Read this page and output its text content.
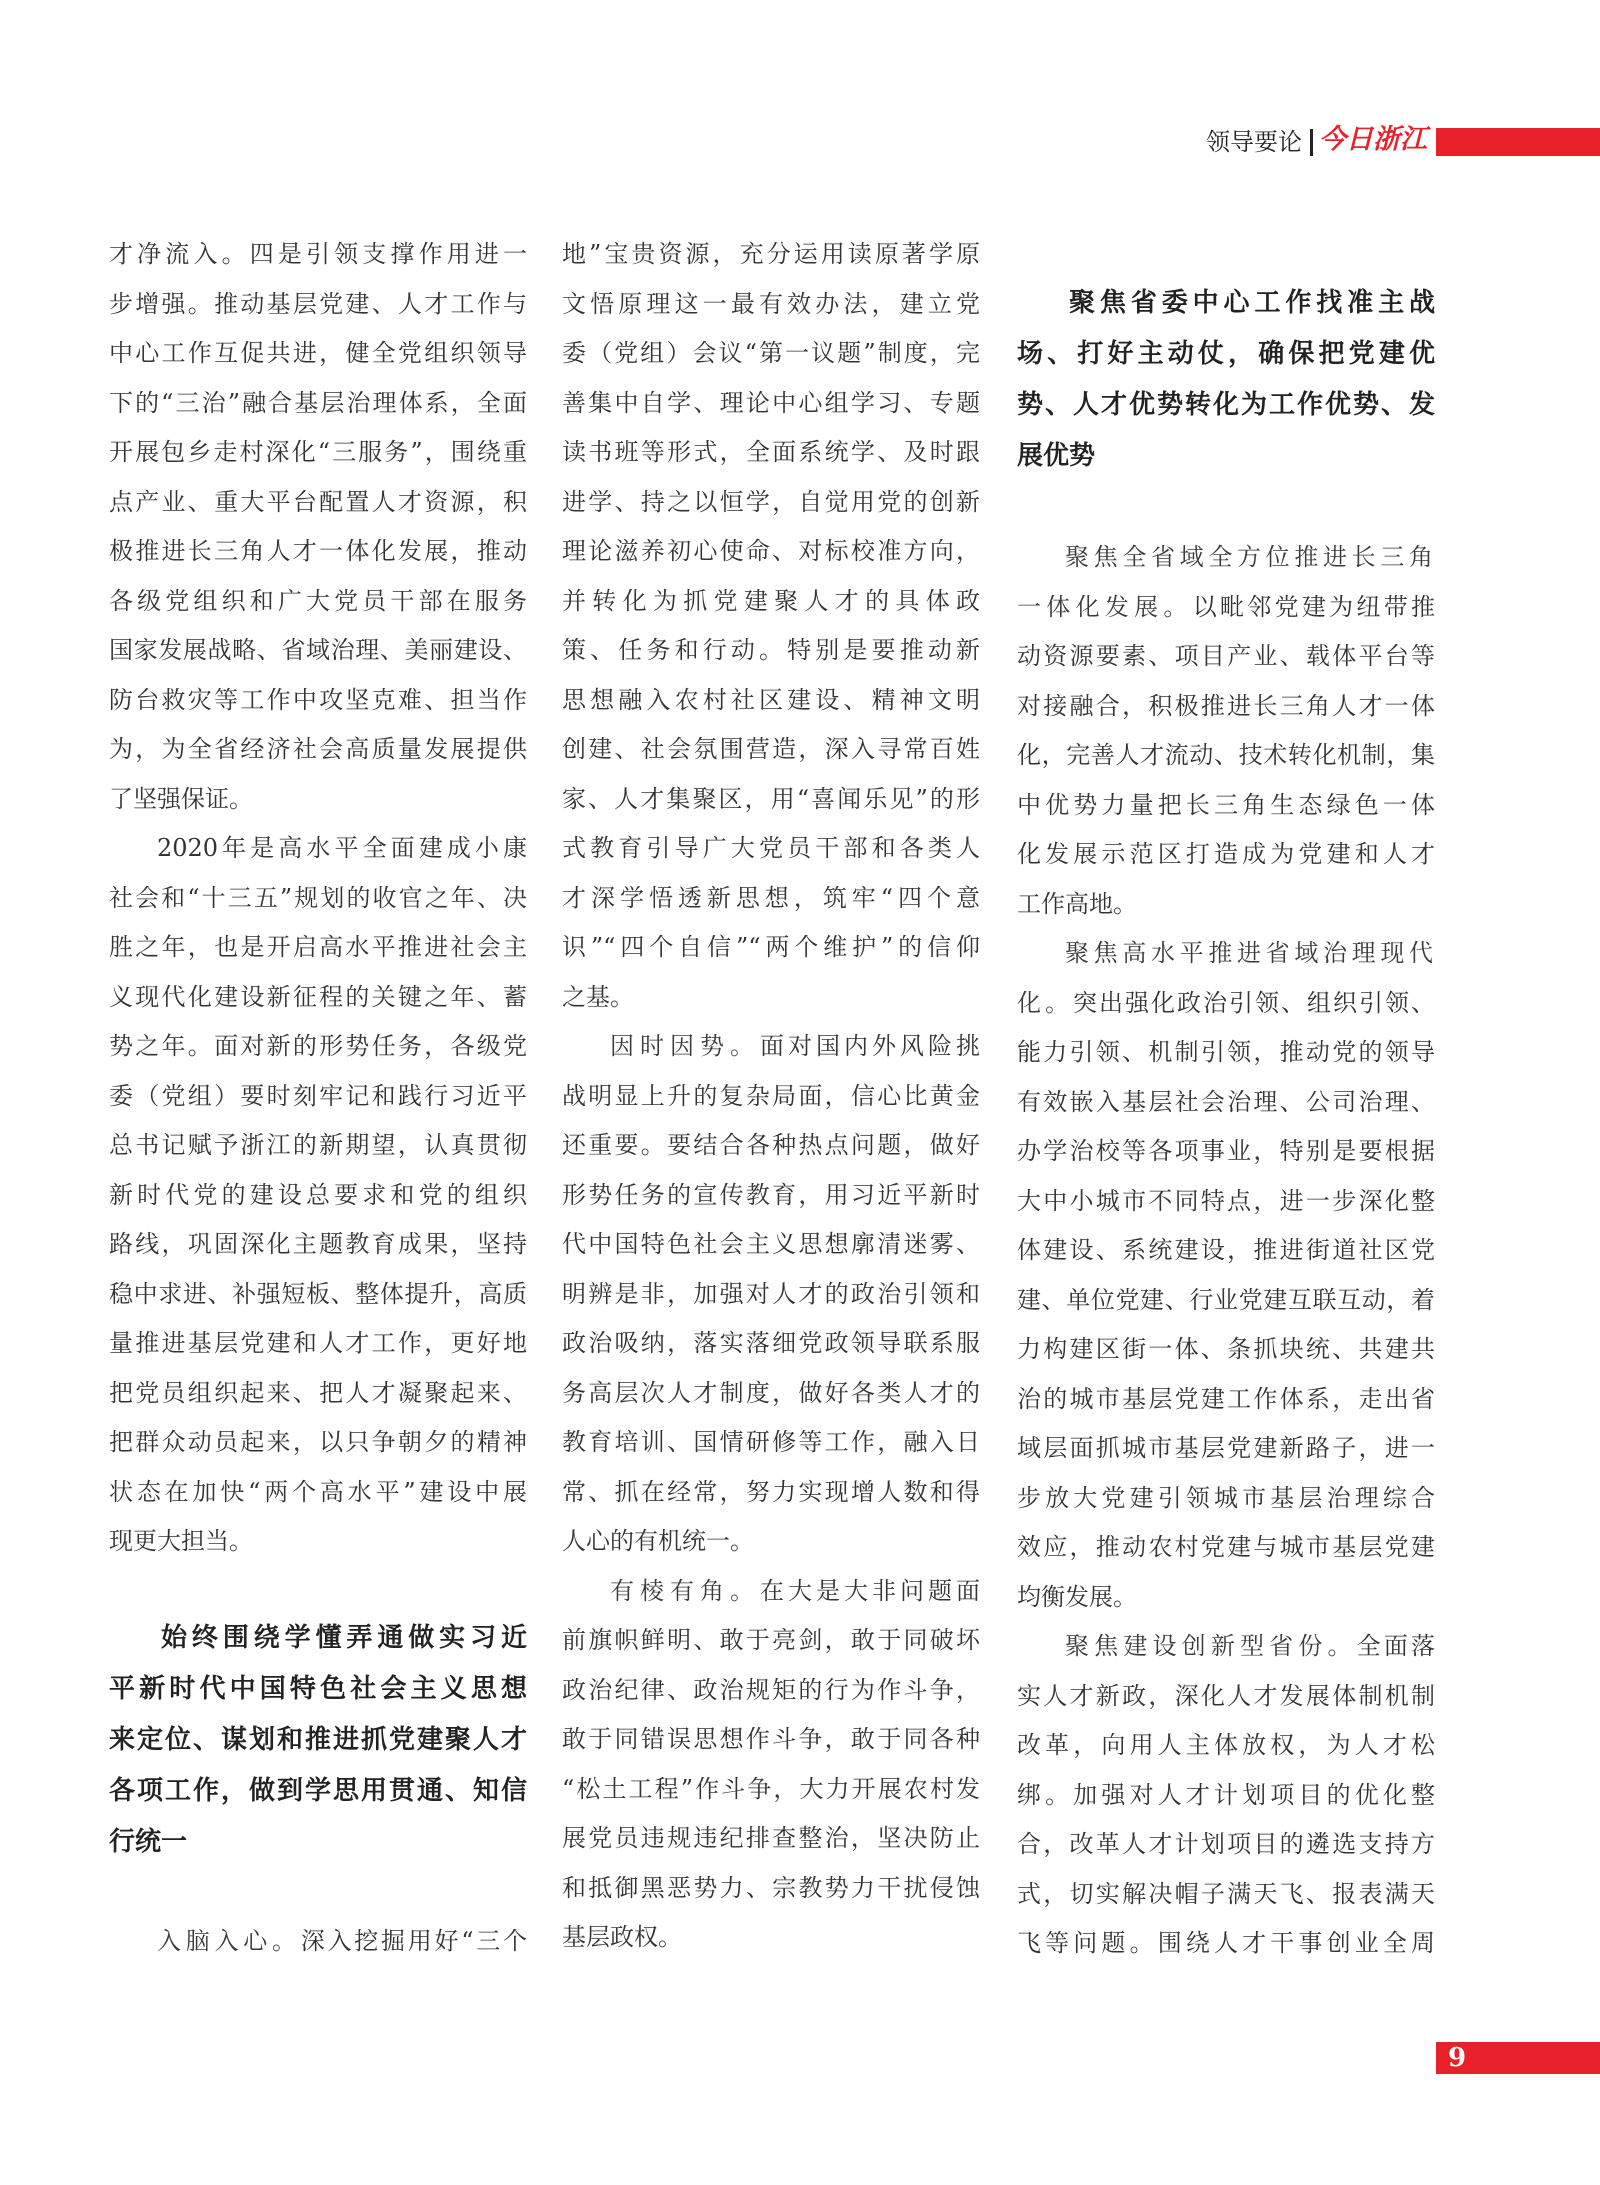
领导要论 今日浙江
才净流入。四是引领支撑作用进一
步增强。推动基层党建、人才工作与
中心工作互促共进，健全党组织领导
下的“三治”融合基层治理体系，全面
开展包乡走村深化“三服务”，围绕重
点产业、重大平台配置人才资源，积
极推进长三角人才一体化发展，推动
各级党组织和广大党员干部在服务
国家发展战略、省域治理、美丽建设、
防台救灾等工作中攻坚克难、担当作
为，为全省经济社会高质量发展提供
了坚强保证。
2020年是高水平全面建成小康
社会和“十三五”规划的收官之年、决
胜之年，也是开启高水平推进社会主
义现代化建设新征程的关键之年、蓄
势之年。面对新的形势任务，各级党
委（党组）要时刻牢记和践行习近平
总书记赋予浙江的新期望，认真贯彻
新时代党的建设总要求和党的组织
路线，巩固深化主题教育成果，坚持
稳中求进、补强短板、整体提升，高质
量推进基层党建和人才工作，更好地
把党员组织起来、把人才凝聚起来、
把群众动员起来，以只争朝夕的精神
状态在加快“两个高水平”建设中展
现更大担当。
始终围绕学懂弄通做实习近
平新时代中国特色社会主义思想
来定位、谋划和推进抓党建聚人才
各项工作，做到学思用贯通、知信
行统一
入脑入心。深入挖掘用好“三个
地”宝贵资源，充分运用读原著学原
文悟原理这一最有效办法，建立党
委（党组）会议“第一议题”制度，完
善集中自学、理论中心组学习、专题
读书班等形式，全面系统学、及时跟
进学、持之以恒学，自觉用党的创新
理论滋养初心使命、对标校准方向，
并转化为抓党建聚人才的具体政
策、任务和行动。特别是要推动新
思想融入农村社区建设、精神文明
创建、社会氛围营造，深入寻常百姓
家、人才集聚区，用“喜闻乐见”的形
式教育引导广大党员干部和各类人
才深学悟透新思想，筑牢“四个意
识”“四个自信”“两个维护”的信仰
之基。
因时因势。面对国内外风险挑
战明显上升的复杂局面，信心比黄金
还重要。要结合各种热点问题，做好
形势任务的宣传教育，用习近平新时
代中国特色社会主义思想廓清迷雾、
明辨是非，加强对人才的政治引领和
政治吸纳，落实落细党政领导联系服
务高层次人才制度，做好各类人才的
教育培训、国情研修等工作，融入日
常、抓在经常，努力实现增人数和得
人心的有机统一。
有棱有角。在大是大非问题面
前旗帜鲜明、敢于亮剑，敢于同破坏
政治纪律、政治规矩的行为作斗争，
敢于同错误思想作斗争，敢于同各种
“松土工程”作斗争，大力开展农村发
展党员违规违纪排查整治，坚决防止
和抵御黑恶势力、宗教势力干扰侵蚀
基层政权。
聚焦省委中心工作找准主战
场、打好主动仗，确保把党建优
势、人才优势转化为工作优势、发
展优势
聚焦全省域全方位推进长三角
一体化发展。以毗邻党建为纽带推
动资源要素、项目产业、载体平台等
对接融合，积极推进长三角人才一体
化，完善人才流动、技术转化机制，集
中优势力量把长三角生态绿色一体
化发展示范区打造成为党建和人才
工作高地。
聚焦高水平推进省域治理现代
化。突出强化政治引领、组织引领、
能力引领、机制引领，推动党的领导
有效嵌入基层社会治理、公司治理、
办学治校等各项事业，特别是要根据
大中小城市不同特点，进一步深化整
体建设、系统建设，推进街道社区党
建、单位党建、行业党建互联互动，着
力构建区街一体、条抓块统、共建共
治的城市基层党建工作体系，走出省
域层面抓城市基层党建新路子，进一
步放大党建引领城市基层治理综合
效应，推动农村党建与城市基层党建
均衡发展。
聚焦建设创新型省份。全面落
实人才新政，深化人才发展体制机制
改革，向用人主体放权，为人才松
绑。加强对人才计划项目的优化整
合，改革人才计划项目的遴选支持方
式，切实解决帽子满天飞、报表满天
飞等问题。围绕人才干事创业全周
9
